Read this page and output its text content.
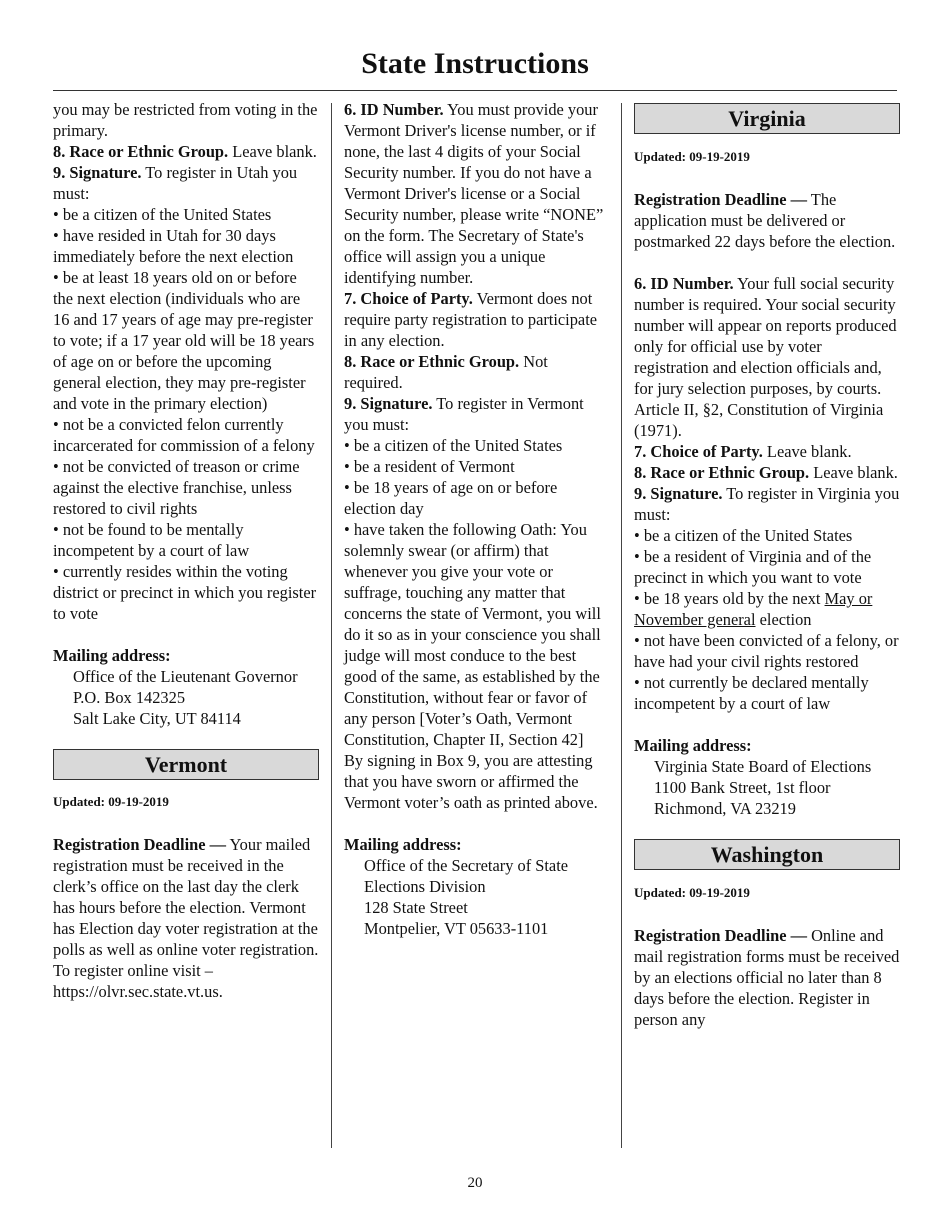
State Instructions

you may be restricted from voting in the primary.

8. Race or Ethnic Group. Leave blank.

9. Signature. To register in Utah you must:

• be a citizen of the United States

• have resided in Utah for 30 days immediately before the next election

• be at least 18 years old on or before the next election (individuals who are 16 and 17 years of age may pre-register to vote; if a 17 year old will be 18 years of age on or before the upcoming general election, they may pre-register and vote in the primary election)

• not be a convicted felon currently incarcerated for commission of a felony

• not be convicted of treason or crime against the elective franchise, unless restored to civil rights

• not be found to be mentally incompetent by a court of law

• currently resides within the voting district or precinct in which you register to vote

Mailing address:

Office of the Lieutenant Governor

P.O. Box 142325

Salt Lake City, UT 84114

Vermont

Updated: 09-19-2019

Registration Deadline — Your mailed registration must be received in the clerk’s office on the last day the clerk has hours before the election. Vermont has Election day voter registration at the polls as well as online voter registration. To register online visit – https://olvr.sec.state.vt.us.

6. ID Number. You must provide your Vermont Driver's license number, or if none, the last 4 digits of your Social Security number. If you do not have a Vermont Driver's license or a Social Security number, please write “NONE” on the form. The Secretary of State's office will assign you a unique identifying number.

7. Choice of Party. Vermont does not require party registration to participate in any election.

8. Race or Ethnic Group. Not required.

9. Signature. To register in Vermont you must:

• be a citizen of the United States

• be a resident of Vermont

• be 18 years of age on or before election day

• have taken the following Oath: You solemnly swear (or affirm) that whenever you give your vote or suffrage, touching any matter that concerns the state of Vermont, you will do it so as in your conscience you shall judge will most conduce to the best good of the same, as established by the Constitution, without fear or favor of any person [Voter’s Oath, Vermont Constitution, Chapter II, Section 42]

By signing in Box 9, you are attesting that you have sworn or affirmed the Vermont voter’s oath as printed above.

Mailing address:

Office of the Secretary of State

Elections Division

128 State Street

Montpelier, VT 05633-1101

Virginia

Updated: 09-19-2019

Registration Deadline — The application must be delivered or postmarked 22 days before the election.

6. ID Number. Your full social security number is required. Your social security number will appear on reports produced only for official use by voter registration and election officials and, for jury selection purposes, by courts. Article II, §2, Constitution of Virginia (1971).

7. Choice of Party. Leave blank.

8. Race or Ethnic Group. Leave blank.

9. Signature. To register in Virginia you must:

• be a citizen of the United States

• be a resident of Virginia and of the precinct in which you want to vote

• be 18 years old by the next May or November general election

• not have been convicted of a felony, or have had your civil rights restored

• not currently be declared mentally incompetent by a court of law

Mailing address:

Virginia State Board of Elections

1100 Bank Street, 1st floor

Richmond, VA 23219

Washington

Updated: 09-19-2019

Registration Deadline — Online and mail registration forms must be received by an elections official no later than 8 days before the election. Register in person any

20
